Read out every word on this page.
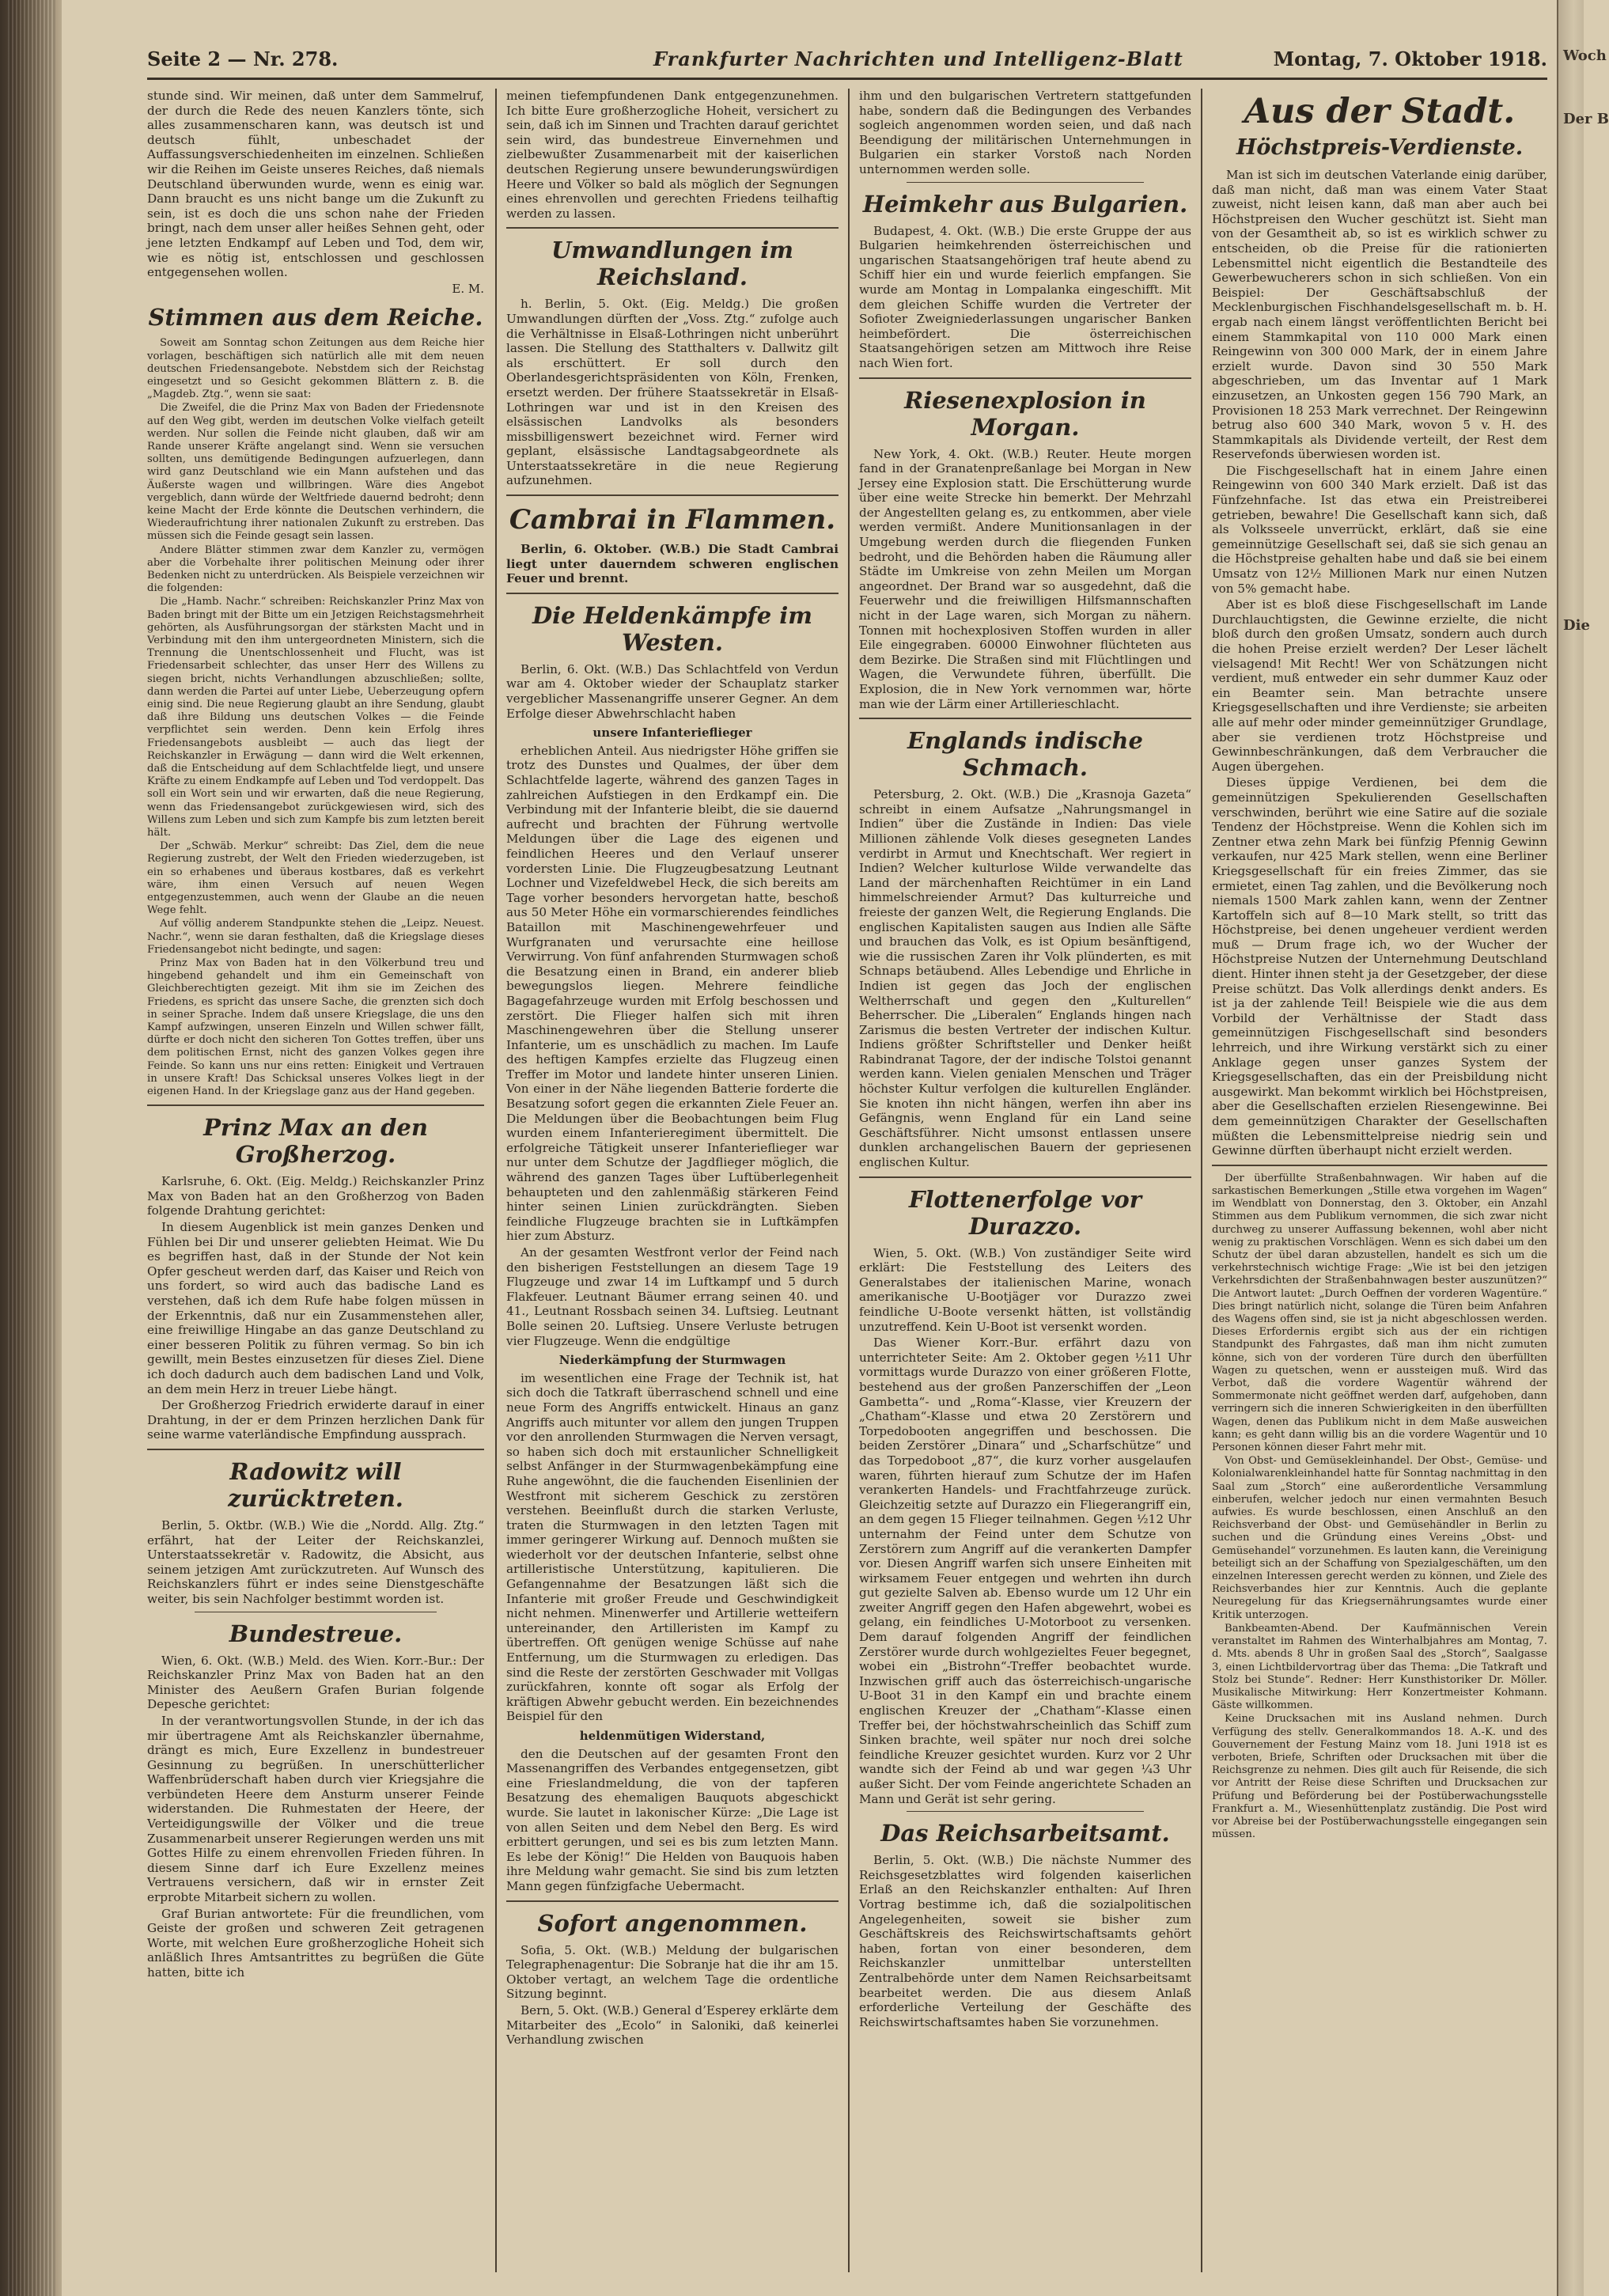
Woch
Der B
Die
Seite 2 — Nr. 278.	Frankfurter Nachrichten und Intelligenz-Blatt	Montag, 7. Oktober 1918.

stunde sind. Wir meinen, daß unter dem Sammelruf, der durch die Rede des neuen Kanzlers tönte, sich alles zusammenscharen kann, was deutsch ist und deutsch fühlt, unbeschadet der Auffassungsverschiedenheiten im einzelnen. Schließen wir die Reihen im Geiste unseres Reiches, daß niemals Deutschland überwunden wurde, wenn es einig war. Dann braucht es uns nicht bange um die Zukunft zu sein, ist es doch die uns schon nahe der Frieden bringt, nach dem unser aller heißes Sehnen geht, oder jene letzten Endkampf auf Leben und Tod, dem wir, wie es nötig ist, entschlossen und geschlossen entgegensehen wollen.

E. M.
Stimmen aus dem Reiche.

Soweit am Sonntag schon Zeitungen aus dem Reiche hier vorlagen, beschäftigen sich natürlich alle mit dem neuen deutschen Friedensangebote. Nebstdem sich der Reichstag eingesetzt und so Gesicht gekommen Blättern z. B. die „Magdeb. Ztg.“, wenn sie saat:

Die Zweifel, die die Prinz Max von Baden der Friedensnote auf den Weg gibt, werden im deutschen Volke vielfach geteilt werden. Nur sollen die Feinde nicht glauben, daß wir am Rande unserer Kräfte angelangt sind. Wenn sie versuchen sollten, uns demütigende Bedingungen aufzuerlegen, dann wird ganz Deutschland wie ein Mann aufstehen und das Äußerste wagen und willbringen. Wäre dies Angebot vergeblich, dann würde der Weltfriede dauernd bedroht; denn keine Macht der Erde könnte die Deutschen verhindern, die Wiederaufrichtung ihrer nationalen Zukunft zu erstreben. Das müssen sich die Feinde gesagt sein lassen.

Andere Blätter stimmen zwar dem Kanzler zu, vermögen aber die Vorbehalte ihrer politischen Meinung oder ihrer Bedenken nicht zu unterdrücken. Als Beispiele verzeichnen wir die folgenden:

Die „Hamb. Nachr.“ schreiben: Reichskanzler Prinz Max von Baden bringt mit der Bitte um ein Jetzigen Reichstagsmehrheit gehörten, als Ausführungsorgan der stärksten Macht und in Verbindung mit den ihm untergeordneten Ministern, sich die Trennung die Unentschlossenheit und Flucht, was ist Friedensarbeit schlechter, das unser Herr des Willens zu siegen bricht, nichts Verhandlungen abzuschließen; sollte, dann werden die Partei auf unter Liebe, Ueberzeugung opfern einig sind. Die neue Regierung glaubt an ihre Sendung, glaubt daß ihre Bildung uns deutschen Volkes — die Feinde verpflichtet sein werden. Denn kein Erfolg ihres Friedensangebots ausbleibt — auch das liegt der Reichskanzler in Erwägung — dann wird die Welt erkennen, daß die Entscheidung auf dem Schlachtfelde liegt, und unsere Kräfte zu einem Endkampfe auf Leben und Tod verdoppelt. Das soll ein Wort sein und wir erwarten, daß die neue Regierung, wenn das Friedensangebot zurückgewiesen wird, sich des Willens zum Leben und sich zum Kampfe bis zum letzten bereit hält.

Der „Schwäb. Merkur“ schreibt: Das Ziel, dem die neue Regierung zustrebt, der Welt den Frieden wiederzugeben, ist ein so erhabenes und überaus kostbares, daß es verkehrt wäre, ihm einen Versuch auf neuen Wegen entgegenzustemmen, auch wenn der Glaube an die neuen Wege fehlt.

Auf völlig anderem Standpunkte stehen die „Leipz. Neuest. Nachr.“, wenn sie daran festhalten, daß die Kriegslage dieses Friedensangebot nicht bedingte, und sagen:

Prinz Max von Baden hat in den Völkerbund treu und hingebend gehandelt und ihm ein Gemeinschaft von Gleichberechtigten gezeigt. Mit ihm sie im Zeichen des Friedens, es spricht das unsere Sache, die grenzten sich doch in seiner Sprache. Indem daß unsere Kriegslage, die uns den Kampf aufzwingen, unseren Einzeln und Willen schwer fällt, dürfte er doch nicht den sicheren Ton Gottes treffen, über uns dem politischen Ernst, nicht des ganzen Volkes gegen ihre Feinde. So kann uns nur eins retten: Einigkeit und Vertrauen in unsere Kraft! Das Schicksal unseres Volkes liegt in der eigenen Hand. In der Kriegslage ganz aus der Hand gegeben.

Prinz Max an den Großherzog.

Karlsruhe, 6. Okt. (Eig. Meldg.) Reichskanzler Prinz Max von Baden hat an den Großherzog von Baden folgende Drahtung gerichtet:

In diesem Augenblick ist mein ganzes Denken und Fühlen bei Dir und unserer geliebten Heimat. Wie Du es begriffen hast, daß in der Stunde der Not kein Opfer gescheut werden darf, das Kaiser und Reich von uns fordert, so wird auch das badische Land es verstehen, daß ich dem Rufe habe folgen müssen in der Erkenntnis, daß nur ein Zusammenstehen aller, eine freiwillige Hingabe an das ganze Deutschland zu einer besseren Politik zu führen vermag. So bin ich gewillt, mein Bestes einzusetzen für dieses Ziel. Diene ich doch dadurch auch dem badischen Land und Volk, an dem mein Herz in treuer Liebe hängt.

Der Großherzog Friedrich erwiderte darauf in einer Drahtung, in der er dem Prinzen herzlichen Dank für seine warme vaterländische Empfindung aussprach.

Radowitz will zurücktreten.

Berlin, 5. Oktbr. (W.B.) Wie die „Nordd. Allg. Ztg.“ erfährt, hat der Leiter der Reichskanzlei, Unterstaatssekretär v. Radowitz, die Absicht, aus seinem jetzigen Amt zurückzutreten. Auf Wunsch des Reichskanzlers führt er indes seine Dienstgeschäfte weiter, bis sein Nachfolger bestimmt worden ist.

Bundestreue.

Wien, 6. Okt. (W.B.) Meld. des Wien. Korr.-Bur.: Der Reichskanzler Prinz Max von Baden hat an den Minister des Aeußern Grafen Burian folgende Depesche gerichtet:

In der verantwortungsvollen Stunde, in der ich das mir übertragene Amt als Reichskanzler übernahme, drängt es mich, Eure Exzellenz in bundestreuer Gesinnung zu begrüßen. In unerschütterlicher Waffenbrüderschaft haben durch vier Kriegsjahre die verbündeten Heere dem Ansturm unserer Feinde widerstanden. Die Ruhmestaten der Heere, der Verteidigungswille der Völker und die treue Zusammenarbeit unserer Regierungen werden uns mit Gottes Hilfe zu einem ehrenvollen Frieden führen. In diesem Sinne darf ich Eure Exzellenz meines Vertrauens versichern, daß wir in ernster Zeit erprobte Mitarbeit sichern zu wollen.

Graf Burian antwortete: Für die freundlichen, vom Geiste der großen und schweren Zeit getragenen Worte, mit welchen Eure großherzogliche Hoheit sich anläßlich Ihres Amtsantrittes zu begrüßen die Güte hatten, bitte ich

meinen tiefempfundenen Dank entgegenzunehmen. Ich bitte Eure großherzogliche Hoheit, versichert zu sein, daß ich im Sinnen und Trachten darauf gerichtet sein wird, das bundestreue Einvernehmen und zielbewußter Zusammenarbeit mit der kaiserlichen deutschen Regierung unsere bewunderungswürdigen Heere und Völker so bald als möglich der Segnungen eines ehrenvollen und gerechten Friedens teilhaftig werden zu lassen.

Umwandlungen im Reichsland.

h. Berlin, 5. Okt. (Eig. Meldg.) Die großen Umwandlungen dürften der „Voss. Ztg.“ zufolge auch die Verhältnisse in Elsaß-Lothringen nicht unberührt lassen. Die Stellung des Statthalters v. Dallwitz gilt als erschüttert. Er soll durch den Oberlandesgerichtspräsidenten von Köln, Frenken, ersetzt werden. Der frühere Staatssekretär in Elsaß-Lothringen war und ist in den Kreisen des elsässischen Landvolks als besonders missbilligenswert bezeichnet wird. Ferner wird geplant, elsässische Landtagsabgeordnete als Unterstaatssekretäre in die neue Regierung aufzunehmen.

Cambrai in Flammen.

Berlin, 6. Oktober. (W.B.) Die Stadt Cambrai liegt unter dauerndem schweren englischen Feuer und brennt.

Die Heldenkämpfe im Westen.

Berlin, 6. Okt. (W.B.) Das Schlachtfeld von Verdun war am 4. Oktober wieder der Schauplatz starker vergeblicher Massenangriffe unserer Gegner. An dem Erfolge dieser Abwehrschlacht haben

unsere Infanterieflieger

erheblichen Anteil. Aus niedrigster Höhe griffen sie trotz des Dunstes und Qualmes, der über dem Schlachtfelde lagerte, während des ganzen Tages in zahlreichen Aufstiegen in den Erdkampf ein. Die Verbindung mit der Infanterie bleibt, die sie dauernd aufrecht und brachten der Führung wertvolle Meldungen über die Lage des eigenen und feindlichen Heeres und den Verlauf unserer vordersten Linie. Die Flugzeugbesatzung Leutnant Lochner und Vizefeldwebel Heck, die sich bereits am Tage vorher besonders hervorgetan hatte, beschoß aus 50 Meter Höhe ein vormarschierendes feindliches Bataillon mit Maschinengewehrfeuer und Wurfgranaten und verursachte eine heillose Verwirrung. Von fünf anfahrenden Sturmwagen schoß die Besatzung einen in Brand, ein anderer blieb bewegungslos liegen. Mehrere feindliche Bagagefahrzeuge wurden mit Erfolg beschossen und zerstört. Die Flieger halfen sich mit ihren Maschinengewehren über die Stellung unserer Infanterie, um es unschädlich zu machen. Im Laufe des heftigen Kampfes erzielte das Flugzeug einen Treffer im Motor und landete hinter unseren Linien. Von einer in der Nähe liegenden Batterie forderte die Besatzung sofort gegen die erkannten Ziele Feuer an. Die Meldungen über die Beobachtungen beim Flug wurden einem Infanterieregiment übermittelt. Die erfolgreiche Tätigkeit unserer Infanterieflieger war nur unter dem Schutze der Jagdflieger möglich, die während des ganzen Tages über Luftüberlegenheit behaupteten und den zahlenmäßig stärkeren Feind hinter seinen Linien zurückdrängten. Sieben feindliche Flugzeuge brachten sie in Luftkämpfen hier zum Absturz.

An der gesamten Westfront verlor der Feind nach den bisherigen Feststellungen an diesem Tage 19 Flugzeuge und zwar 14 im Luftkampf und 5 durch Flakfeuer. Leutnant Bäumer errang seinen 40. und 41., Leutnant Rossbach seinen 34. Luftsieg. Leutnant Bolle seinen 20. Luftsieg. Unsere Verluste betrugen vier Flugzeuge. Wenn die endgültige

Niederkämpfung der Sturmwagen

im wesentlichen eine Frage der Technik ist, hat sich doch die Tatkraft überraschend schnell und eine neue Form des Angriffs entwickelt. Hinaus an ganz Angriffs auch mitunter vor allem den jungen Truppen vor den anrollenden Sturmwagen die Nerven versagt, so haben sich doch mit erstaunlicher Schnelligkeit selbst Anfänger in der Sturmwagenbekämpfung eine Ruhe angewöhnt, die die fauchenden Eisenlinien der Westfront mit sicherem Geschick zu zerstören verstehen. Beeinflußt durch die starken Verluste, traten die Sturmwagen in den letzten Tagen mit immer geringerer Wirkung auf. Dennoch mußten sie wiederholt vor der deutschen Infanterie, selbst ohne artilleristische Unterstützung, kapitulieren. Die Gefangennahme der Besatzungen läßt sich die Infanterie mit großer Freude und Geschwindigkeit nicht nehmen. Minenwerfer und Artillerie wetteifern untereinander, den Artilleristen im Kampf zu übertreffen. Oft genügen wenige Schüsse auf nahe Entfernung, um die Sturmwagen zu erledigen. Das sind die Reste der zerstörten Geschwader mit Vollgas zurückfahren, konnte oft sogar als Erfolg der kräftigen Abwehr gebucht werden. Ein bezeichnendes Beispiel für den

heldenmütigen Widerstand,

den die Deutschen auf der gesamten Front den Massenangriffen des Verbandes entgegensetzen, gibt eine Frieslandmeldung, die von der tapferen Besatzung des ehemaligen Bauquots abgeschickt wurde. Sie lautet in lakonischer Kürze: „Die Lage ist von allen Seiten und dem Nebel den Berg. Es wird erbittert gerungen, und sei es bis zum letzten Mann. Es lebe der König!“ Die Helden von Bauquois haben ihre Meldung wahr gemacht. Sie sind bis zum letzten Mann gegen fünfzigfache Uebermacht.

Sofort angenommen.

Sofia, 5. Okt. (W.B.) Meldung der bulgarischen Telegraphenagentur: Die Sobranje hat die ihr am 15. Oktober vertagt, an welchem Tage die ordentliche Sitzung beginnt.

Bern, 5. Okt. (W.B.) General d’Esperey erklärte dem Mitarbeiter des „Ecolo“ in Saloniki, daß keinerlei Verhandlung zwischen

ihm und den bulgarischen Vertretern stattgefunden habe, sondern daß die Bedingungen des Verbandes sogleich angenommen worden seien, und daß nach Beendigung der militärischen Unternehmungen in Bulgarien ein starker Vorstoß nach Norden unternommen werden solle.

Heimkehr aus Bulgarien.

Budapest, 4. Okt. (W.B.) Die erste Gruppe der aus Bulgarien heimkehrenden österreichischen und ungarischen Staatsangehörigen traf heute abend zu Schiff hier ein und wurde feierlich empfangen. Sie wurde am Montag in Lompalanka eingeschifft. Mit dem gleichen Schiffe wurden die Vertreter der Sofioter Zweigniederlassungen ungarischer Banken heimbefördert. Die österreichischen Staatsangehörigen setzen am Mittwoch ihre Reise nach Wien fort.

Riesenexplosion in Morgan.

New York, 4. Okt. (W.B.) Reuter. Heute morgen fand in der Granatenpreßanlage bei Morgan in New Jersey eine Explosion statt. Die Erschütterung wurde über eine weite Strecke hin bemerkt. Der Mehrzahl der Angestellten gelang es, zu entkommen, aber viele werden vermißt. Andere Munitionsanlagen in der Umgebung werden durch die fliegenden Funken bedroht, und die Behörden haben die Räumung aller Städte im Umkreise von zehn Meilen um Morgan angeordnet. Der Brand war so ausgedehnt, daß die Feuerwehr und die freiwilligen Hilfsmannschaften nicht in der Lage waren, sich Morgan zu nähern. Tonnen mit hochexplosiven Stoffen wurden in aller Eile eingegraben. 60000 Einwohner flüchteten aus dem Bezirke. Die Straßen sind mit Flüchtlingen und Wagen, die Verwundete führen, überfüllt. Die Explosion, die in New York vernommen war, hörte man wie der Lärm einer Artillerieschlacht.

Englands indische Schmach.

Petersburg, 2. Okt. (W.B.) Die „Krasnoja Gazeta“ schreibt in einem Aufsatze „Nahrungsmangel in Indien“ über die Zustände in Indien: Das viele Millionen zählende Volk dieses gesegneten Landes verdirbt in Armut und Knechtschaft. Wer regiert in Indien? Welcher kulturlose Wilde verwandelte das Land der märchenhaften Reichtümer in ein Land himmelschreiender Armut? Das kulturreiche und freieste der ganzen Welt, die Regierung Englands. Die englischen Kapitalisten saugen aus Indien alle Säfte und brauchen das Volk, es ist Opium besänftigend, wie die russischen Zaren ihr Volk plünderten, es mit Schnaps betäubend. Alles Lebendige und Ehrliche in Indien ist gegen das Joch der englischen Weltherrschaft und gegen den „Kulturellen“ Beherrscher. Die „Liberalen“ Englands hingen nach Zarismus die besten Vertreter der indischen Kultur. Indiens größter Schriftsteller und Denker heißt Rabindranat Tagore, der der indische Tolstoi genannt werden kann. Vielen genialen Menschen und Träger höchster Kultur verfolgen die kulturellen Engländer. Sie knoten ihn nicht hängen, werfen ihn aber ins Gefängnis, wenn England für ein Land seine Geschäftsführer. Nicht umsonst entlassen unsere dunklen archangelischen Bauern der gepriesenen englischen Kultur.

Flottenerfolge vor Durazzo.

Wien, 5. Okt. (W.B.) Von zuständiger Seite wird erklärt: Die Feststellung des Leiters des Generalstabes der italienischen Marine, wonach amerikanische U-Bootjäger vor Durazzo zwei feindliche U-Boote versenkt hätten, ist vollständig unzutreffend. Kein U-Boot ist versenkt worden.

Das Wiener Korr.-Bur. erfährt dazu von unterrichteter Seite: Am 2. Oktober gegen ½11 Uhr vormittags wurde Durazzo von einer größeren Flotte, bestehend aus der großen Panzerschiffen der „Leon Gambetta“- und „Roma“-Klasse, vier Kreuzern der „Chatham“-Klasse und etwa 20 Zerstörern und Torpedobooten angegriffen und beschossen. Die beiden Zerstörer „Dinara“ und „Scharfschütze“ und das Torpedoboot „87“, die kurz vorher ausgelaufen waren, führten hierauf zum Schutze der im Hafen verankerten Handels- und Frachtfahrzeuge zurück. Gleichzeitig setzte auf Durazzo ein Fliegerangriff ein, an dem gegen 15 Flieger teilnahmen. Gegen ½12 Uhr unternahm der Feind unter dem Schutze von Zerstörern zum Angriff auf die verankerten Dampfer vor. Diesen Angriff warfen sich unsere Einheiten mit wirksamem Feuer entgegen und wehrten ihn durch gut gezielte Salven ab. Ebenso wurde um 12 Uhr ein zweiter Angriff gegen den Hafen abgewehrt, wobei es gelang, ein feindliches U-Motorboot zu versenken. Dem darauf folgenden Angriff der feindlichen Zerstörer wurde durch wohlgezieltes Feuer begegnet, wobei ein „Bistrohn“-Treffer beobachtet wurde. Inzwischen griff auch das österreichisch-ungarische U-Boot 31 in den Kampf ein und brachte einem englischen Kreuzer der „Chatham“-Klasse einen Treffer bei, der höchstwahrscheinlich das Schiff zum Sinken brachte, weil später nur noch drei solche feindliche Kreuzer gesichtet wurden. Kurz vor 2 Uhr wandte sich der Feind ab und war gegen ¼3 Uhr außer Sicht. Der vom Feinde angerichtete Schaden an Mann und Gerät ist sehr gering.

Das Reichsarbeitsamt.

Berlin, 5. Okt. (W.B.) Die nächste Nummer des Reichsgesetzblattes wird folgenden kaiserlichen Erlaß an den Reichskanzler enthalten: Auf Ihren Vortrag bestimme ich, daß die sozialpolitischen Angelegenheiten, soweit sie bisher zum Geschäftskreis des Reichswirtschaftsamts gehört haben, fortan von einer besonderen, dem Reichskanzler unmittelbar unterstellten Zentralbehörde unter dem Namen Reichsarbeitsamt bearbeitet werden. Die aus diesem Anlaß erforderliche Verteilung der Geschäfte des Reichswirtschaftsamtes haben Sie vorzunehmen.

Aus der Stadt.
Höchstpreis-Verdienste.

Man ist sich im deutschen Vaterlande einig darüber, daß man nicht, daß man was einem Vater Staat zuweist, nicht leisen kann, daß man aber auch bei Höchstpreisen den Wucher geschützt ist. Sieht man von der Gesamtheit ab, so ist es wirklich schwer zu entscheiden, ob die Preise für die rationierten Lebensmittel nicht eigentlich die Bestandteile des Gewerbewucherers schon in sich schließen. Von ein Beispiel: Der Geschäftsabschluß der Mecklenburgischen Fischhandelsgesellschaft m. b. H. ergab nach einem längst veröffentlichten Bericht bei einem Stammkapital von 110 000 Mark einen Reingewinn von 300 000 Mark, der in einem Jahre erzielt wurde. Davon sind 30 550 Mark abgeschrieben, um das Inventar auf 1 Mark einzusetzen, an Unkosten gegen 156 790 Mark, an Provisionen 18 253 Mark verrechnet. Der Reingewinn betrug also 600 340 Mark, wovon 5 v. H. des Stammkapitals als Dividende verteilt, der Rest dem Reservefonds überwiesen worden ist.

Die Fischgesellschaft hat in einem Jahre einen Reingewinn von 600 340 Mark erzielt. Daß ist das Fünfzehnfache. Ist das etwa ein Preistreiberei getrieben, bewahre! Die Gesellschaft kann sich, daß als Volksseele unverrückt, erklärt, daß sie eine gemeinnützige Gesellschaft sei, daß sie sich genau an die Höchstpreise gehalten habe und daß sie bei einem Umsatz von 12½ Millionen Mark nur einen Nutzen von 5% gemacht habe.

Aber ist es bloß diese Fischgesellschaft im Lande Durchlauchtigsten, die Gewinne erzielte, die nicht bloß durch den großen Umsatz, sondern auch durch die hohen Preise erzielt werden? Der Leser lächelt vielsagend! Mit Recht! Wer von Schätzungen nicht verdient, muß entweder ein sehr dummer Kauz oder ein Beamter sein. Man betrachte unsere Kriegsgesellschaften und ihre Verdienste; sie arbeiten alle auf mehr oder minder gemeinnütziger Grundlage, aber sie verdienen trotz Höchstpreise und Gewinnbeschränkungen, daß dem Verbraucher die Augen übergehen.

Dieses üppige Verdienen, bei dem die gemeinnützigen Spekulierenden Gesellschaften verschwinden, berührt wie eine Satire auf die soziale Tendenz der Höchstpreise. Wenn die Kohlen sich im Zentner etwa zehn Mark bei fünfzig Pfennig Gewinn verkaufen, nur 425 Mark stellen, wenn eine Berliner Kriegsgesellschaft für ein freies Zimmer, das sie ermietet, einen Tag zahlen, und die Bevölkerung noch niemals 1500 Mark zahlen kann, wenn der Zentner Kartoffeln sich auf 8—10 Mark stellt, so tritt das Höchstpreise, bei denen ungeheuer verdient werden muß — Drum frage ich, wo der Wucher der Höchstpreise Nutzen der Unternehmung Deutschland dient. Hinter ihnen steht ja der Gesetzgeber, der diese Preise schützt. Das Volk allerdings denkt anders. Es ist ja der zahlende Teil! Beispiele wie die aus dem Vorbild der Verhältnisse der Stadt dass gemeinnützigen Fischgesellschaft sind besonders lehrreich, und ihre Wirkung verstärkt sich zu einer Anklage gegen unser ganzes System der Kriegsgesellschaften, das ein der Preisbildung nicht ausgewirkt. Man bekommt wirklich bei Höchstpreisen, aber die Gesellschaften erzielen Riesengewinne. Bei dem gemeinnützigen Charakter der Gesellschaften müßten die Lebensmittelpreise niedrig sein und Gewinne dürften überhaupt nicht erzielt werden.

Der überfüllte Straßenbahnwagen. Wir haben auf die sarkastischen Bemerkungen „Stille etwa vorgehen im Wagen“ im Wendblatt von Donnerstag, den 3. Oktober, ein Anzahl Stimmen aus dem Publikum vernommen, die sich zwar nicht durchweg zu unserer Auffassung bekennen, wohl aber nicht wenig zu praktischen Vorschlägen. Wenn es sich dabei um den Schutz der übel daran abzustellen, handelt es sich um die verkehrstechnisch wichtige Frage: „Wie ist bei den jetzigen Verkehrsdichten der Straßenbahnwagen bester auszunützen?“ Die Antwort lautet: „Durch Oeffnen der vorderen Wagentüre.“ Dies bringt natürlich nicht, solange die Türen beim Anfahren des Wagens offen sind, sie ist ja nicht abgeschlossen werden. Dieses Erfordernis ergibt sich aus der ein richtigen Standpunkt des Fahrgastes, daß man ihm nicht zumuten könne, sich von der vorderen Türe durch den überfüllten Wagen zu quetschen, wenn er aussteigen muß. Wird das Verbot, daß die vordere Wagentür während der Sommermonate nicht geöffnet werden darf, aufgehoben, dann verringern sich die inneren Schwierigkeiten in den überfüllten Wagen, denen das Publikum nicht in dem Maße ausweichen kann; es geht dann willig bis an die vordere Wagentür und 10 Personen können dieser Fahrt mehr mit.

Von Obst- und Gemüsekleinhandel. Der Obst-, Gemüse- und Kolonialwarenkleinhandel hatte für Sonntag nachmittag in den Saal zum „Storch“ eine außerordentliche Versammlung einberufen, welcher jedoch nur einen vermahnten Besuch aufwies. Es wurde beschlossen, einen Anschluß an den Reichsverband der Obst- und Gemüsehändler in Berlin zu suchen und die Gründung eines Vereins „Obst- und Gemüsehandel“ vorzunehmen. Es lauten kann, die Vereinigung beteiligt sich an der Schaffung von Spezialgeschäften, um den einzelnen Interessen gerecht werden zu können, und Ziele des Reichsverbandes hier zur Kenntnis. Auch die geplante Neuregelung für das Kriegsernährungsamtes wurde einer Kritik unterzogen.

Bankbeamten-Abend. Der Kaufmännischen Verein veranstaltet im Rahmen des Winterhalbjahres am Montag, 7. d. Mts. abends 8 Uhr in großen Saal des „Storch“, Saalgasse 3, einen Lichtbildervortrag über das Thema: „Die Tatkraft und Stolz bei Stunde“. Redner: Herr Kunsthistoriker Dr. Möller. Musikalische Mitwirkung: Herr Konzertmeister Kohmann. Gäste willkommen.

Keine Drucksachen mit ins Ausland nehmen. Durch Verfügung des stellv. Generalkommandos 18. A.-K. und des Gouvernement der Festung Mainz vom 18. Juni 1918 ist es verboten, Briefe, Schriften oder Drucksachen mit über die Reichsgrenze zu nehmen. Dies gilt auch für Reisende, die sich vor Antritt der Reise diese Schriften und Drucksachen zur Prüfung und Beförderung bei der Postüberwachungsstelle Frankfurt a. M., Wiesenhüttenplatz zuständig. Die Post wird vor Abreise bei der Postüberwachungsstelle eingegangen sein müssen.
